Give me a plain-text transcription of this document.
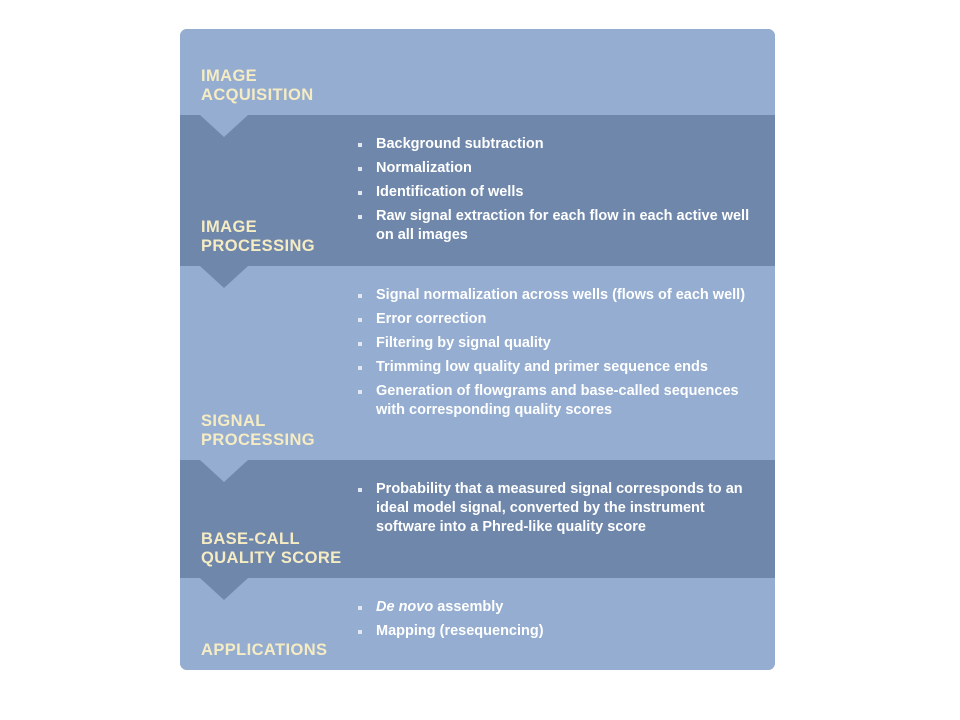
IMAGE
ACQUISITION
Background subtraction
Normalization
Identification of wells
Raw signal extraction for each flow in each active well on all images
IMAGE
PROCESSING
Signal normalization across wells (flows of each well)
Error correction
Filtering by signal quality
Trimming low quality and primer sequence ends
Generation of flowgrams and base-called sequences with corresponding quality scores
SIGNAL
PROCESSING
Probability that a measured signal corresponds to an ideal model signal, converted by the instrument software into a Phred-like quality score
BASE-CALL
QUALITY SCORE
De novo assembly
Mapping (resequencing)
APPLICATIONS
